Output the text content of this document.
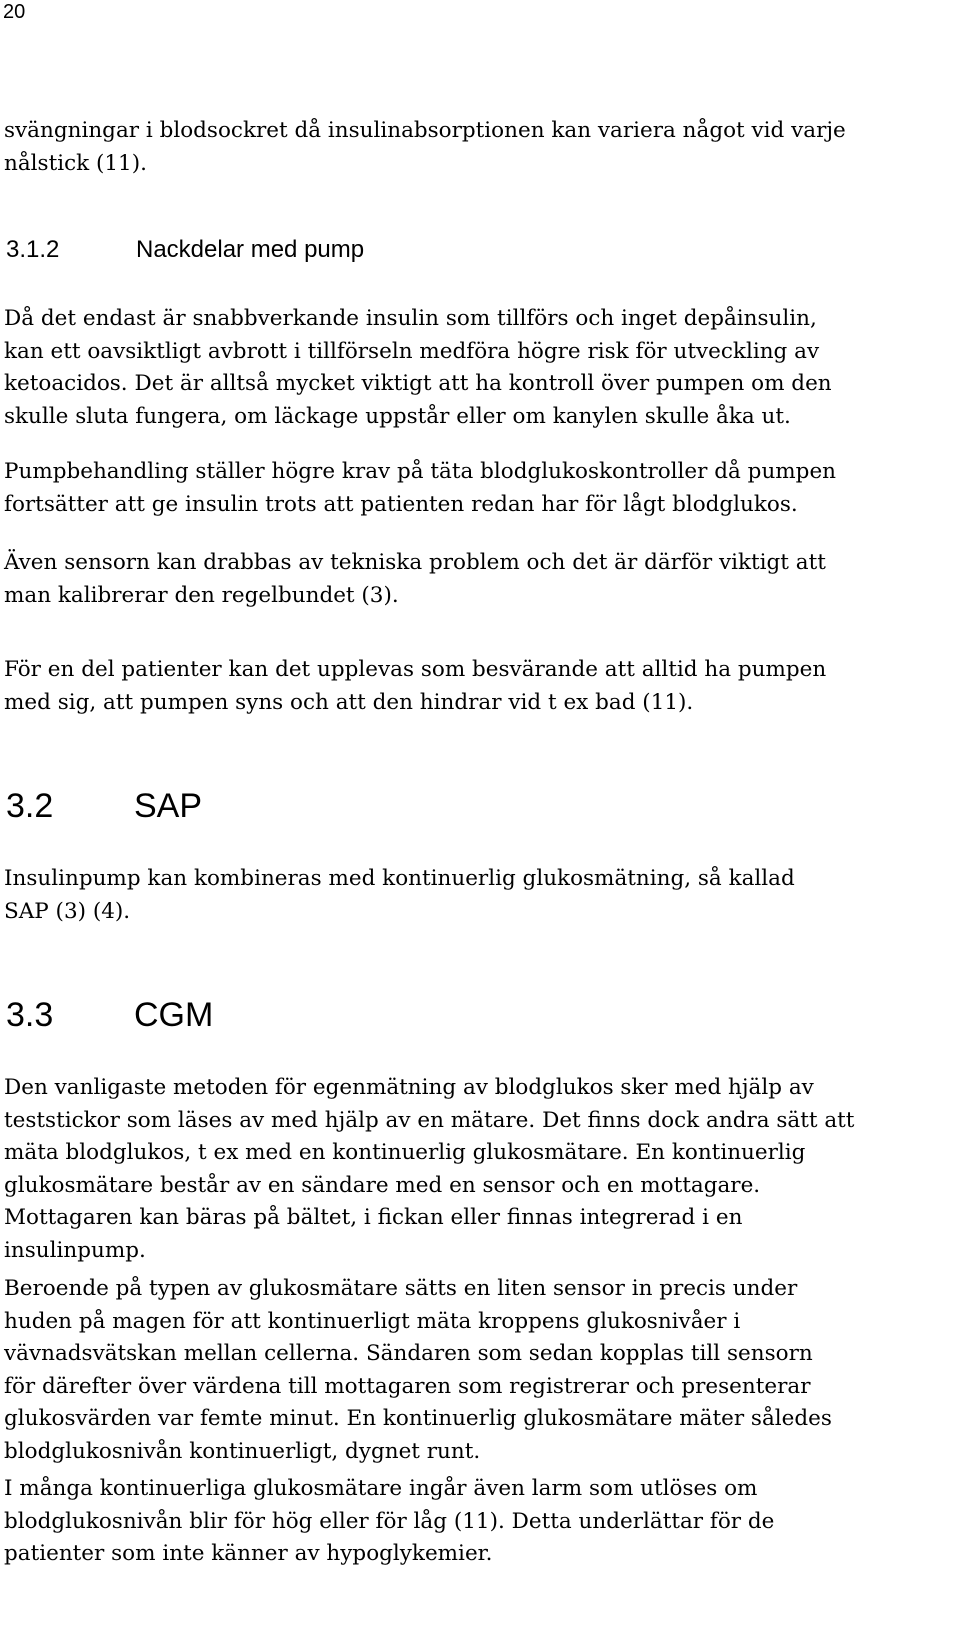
20

svängningar i blodsockret då insulinabsorptionen kan variera något vid varje
nålstick (11).

3.1.2	Nackdelar med pump

Då det endast är snabbverkande insulin som tillförs och inget depåinsulin,
kan ett oavsiktligt avbrott i tillförseln medföra högre risk för utveckling av
ketoacidos. Det är alltså mycket viktigt att ha kontroll över pumpen om den
skulle sluta fungera, om läckage uppstår eller om kanylen skulle åka ut.

Pumpbehandling ställer högre krav på täta blodglukoskontroller då pumpen
fortsätter att ge insulin trots att patienten redan har för lågt blodglukos.

Även sensorn kan drabbas av tekniska problem och det är därför viktigt att
man kalibrerar den regelbundet (3).

För en del patienter kan det upplevas som besvärande att alltid ha pumpen
med sig, att pumpen syns och att den hindrar vid t ex bad (11).

3.2 SAP

Insulinpump kan kombineras med kontinuerlig glukosmätning, så kallad
SAP (3) (4).

3.3 CGM

Den vanligaste metoden för egenmätning av blodglukos sker med hjälp av
teststickor som läses av med hjälp av en mätare. Det finns dock andra sätt att
mäta blodglukos, t ex med en kontinuerlig glukosmätare. En kontinuerlig
glukosmätare består av en sändare med en sensor och en mottagare.
Mottagaren kan bäras på bältet, i fickan eller finnas integrerad i en
insulinpump.

Beroende på typen av glukosmätare sätts en liten sensor in precis under
huden på magen för att kontinuerligt mäta kroppens glukosnivåer i
vävnadsvätskan mellan cellerna. Sändaren som sedan kopplas till sensorn
för därefter över värdena till mottagaren som registrerar och presenterar
glukosvärden var femte minut. En kontinuerlig glukosmätare mäter således
blodglukosnivån kontinuerligt, dygnet runt.

I många kontinuerliga glukosmätare ingår även larm som utlöses om
blodglukosnivån blir för hög eller för låg (11). Detta underlättar för de
patienter som inte känner av hypoglykemier.
